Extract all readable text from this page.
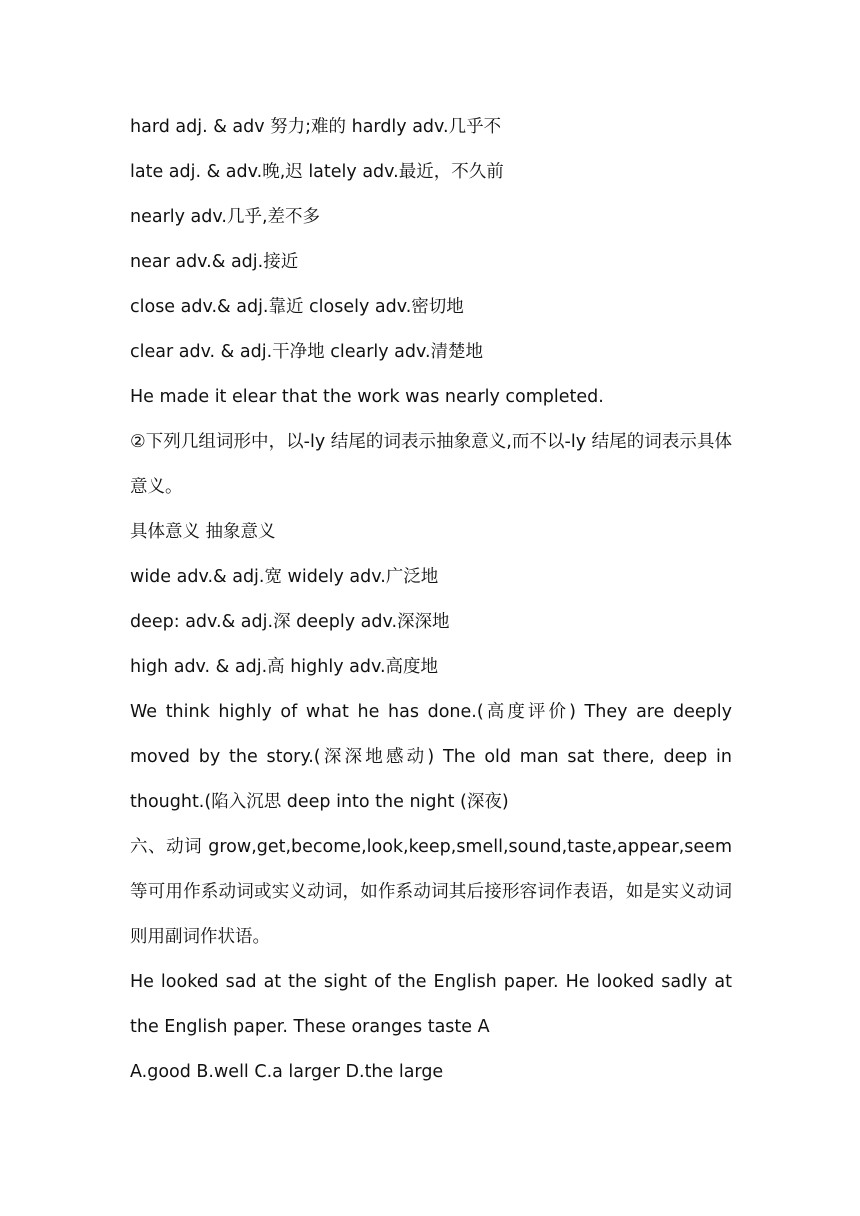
hard adj. & adv 努力;难的 hardly adv.几乎不

late adj. & adv.晚,迟 lately adv.最近，不久前

nearly adv.几乎,差不多

near adv.& adj.接近

close adv.& adj.靠近 closely adv.密切地

clear adv. & adj.干净地 clearly adv.清楚地

He made it elear that the work was nearly completed.

②下列几组词形中，以-ly 结尾的词表示抽象意义,而不以-ly 结尾的词表示具体意义。

具体意义 抽象意义

wide adv.& adj.宽 widely adv.广泛地

deep: adv.& adj.深 deeply adv.深深地

high adv. & adj.高 highly adv.高度地

We think highly of what he has done.(高度评价) They are deeply moved by the story.(深深地感动) The old man sat there, deep in thought.(陷入沉思 deep into the night (深夜)

六、动词 grow,get,become,look,keep,smell,sound,taste,appear,seem 等可用作系动词或实义动词，如作系动词其后接形容词作表语，如是实义动词则用副词作状语。

He looked sad at the sight of the English paper. He looked sadly at the English paper. These oranges taste A

A.good B.well C.a larger D.the large
